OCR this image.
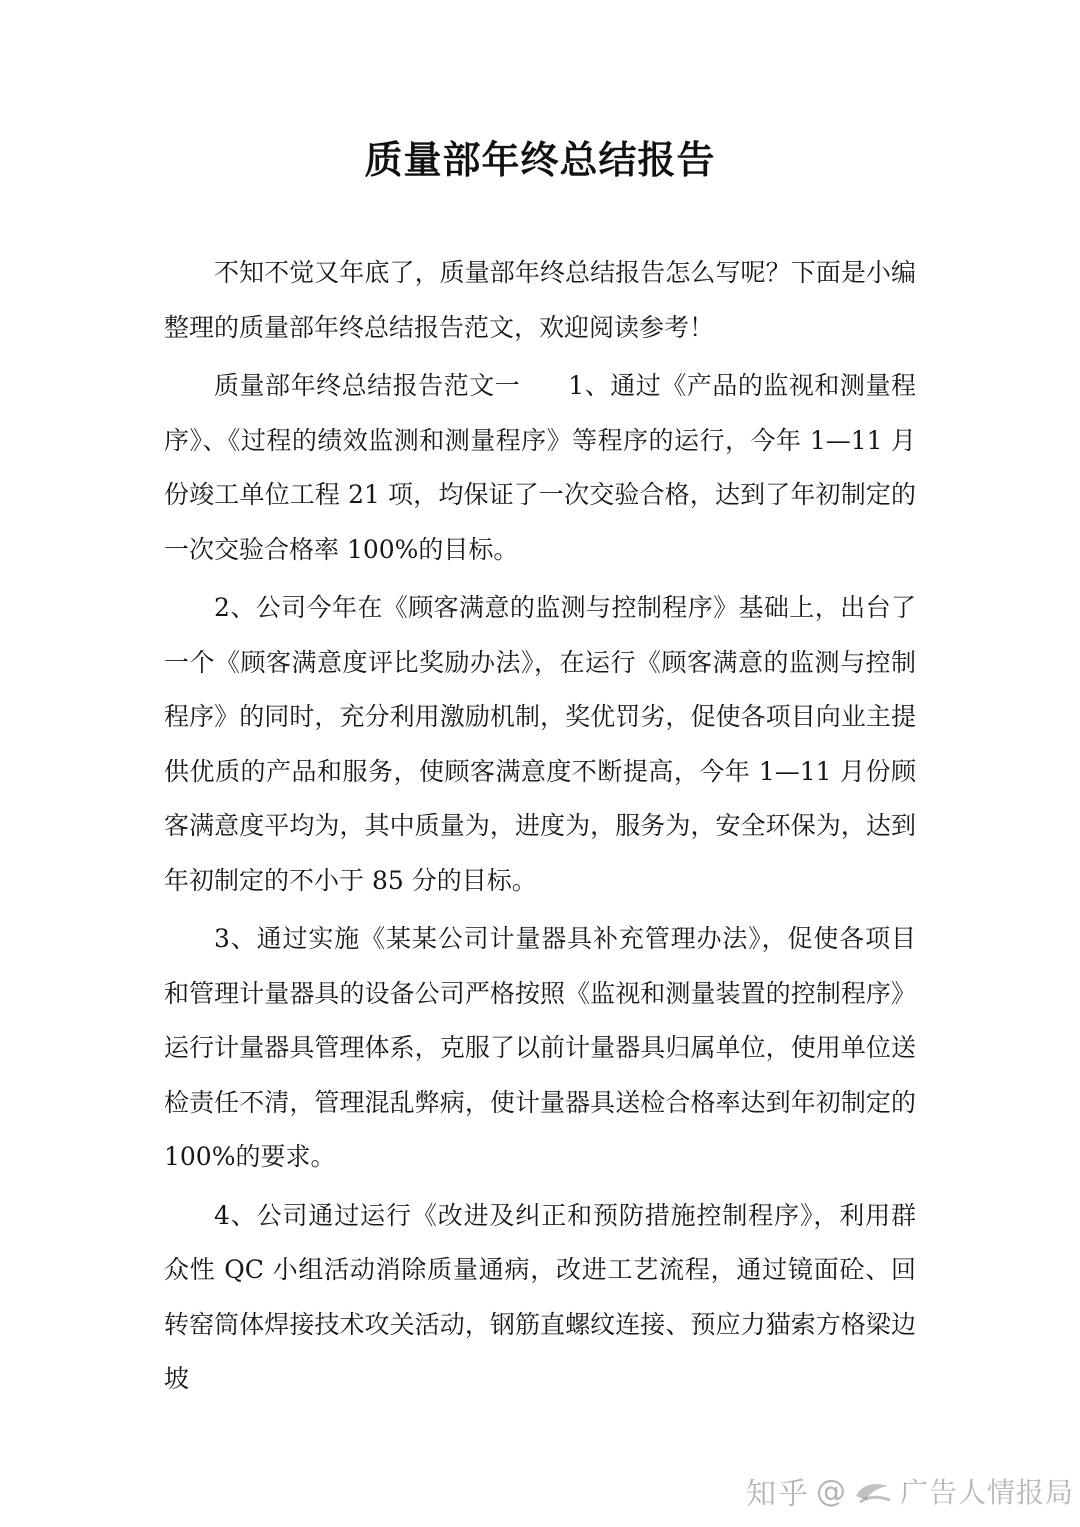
质量部年终总结报告

不知不觉又年底了，质量部年终总结报告怎么写呢？下面是小编整理的质量部年终总结报告范文，欢迎阅读参考！

质量部年终总结报告范文一 1、通过《产品的监视和测量程序》、《过程的绩效监测和测量程序》等程序的运行，今年 1—11 月份竣工单位工程 21 项，均保证了一次交验合格，达到了年初制定的一次交验合格率 100%的目标。

2、公司今年在《顾客满意的监测与控制程序》基础上，出台了一个《顾客满意度评比奖励办法》，在运行《顾客满意的监测与控制程序》的同时，充分利用激励机制，奖优罚劣，促使各项目向业主提供优质的产品和服务，使顾客满意度不断提高，今年 1—11 月份顾客满意度平均为，其中质量为，进度为，服务为，安全环保为，达到年初制定的不小于 85 分的目标。

3、通过实施《某某公司计量器具补充管理办法》，促使各项目和管理计量器具的设备公司严格按照《监视和测量装置的控制程序》运行计量器具管理体系，克服了以前计量器具归属单位，使用单位送检责任不清，管理混乱弊病，使计量器具送检合格率达到年初制定的100%的要求。

4、公司通过运行《改进及纠正和预防措施控制程序》，利用群众性 QC 小组活动消除质量通病，改进工艺流程，通过镜面砼、回转窑筒体焊接技术攻关活动，钢筋直螺纹连接、预应力猫索方格梁边坡

知乎 @ 广告人情报局
